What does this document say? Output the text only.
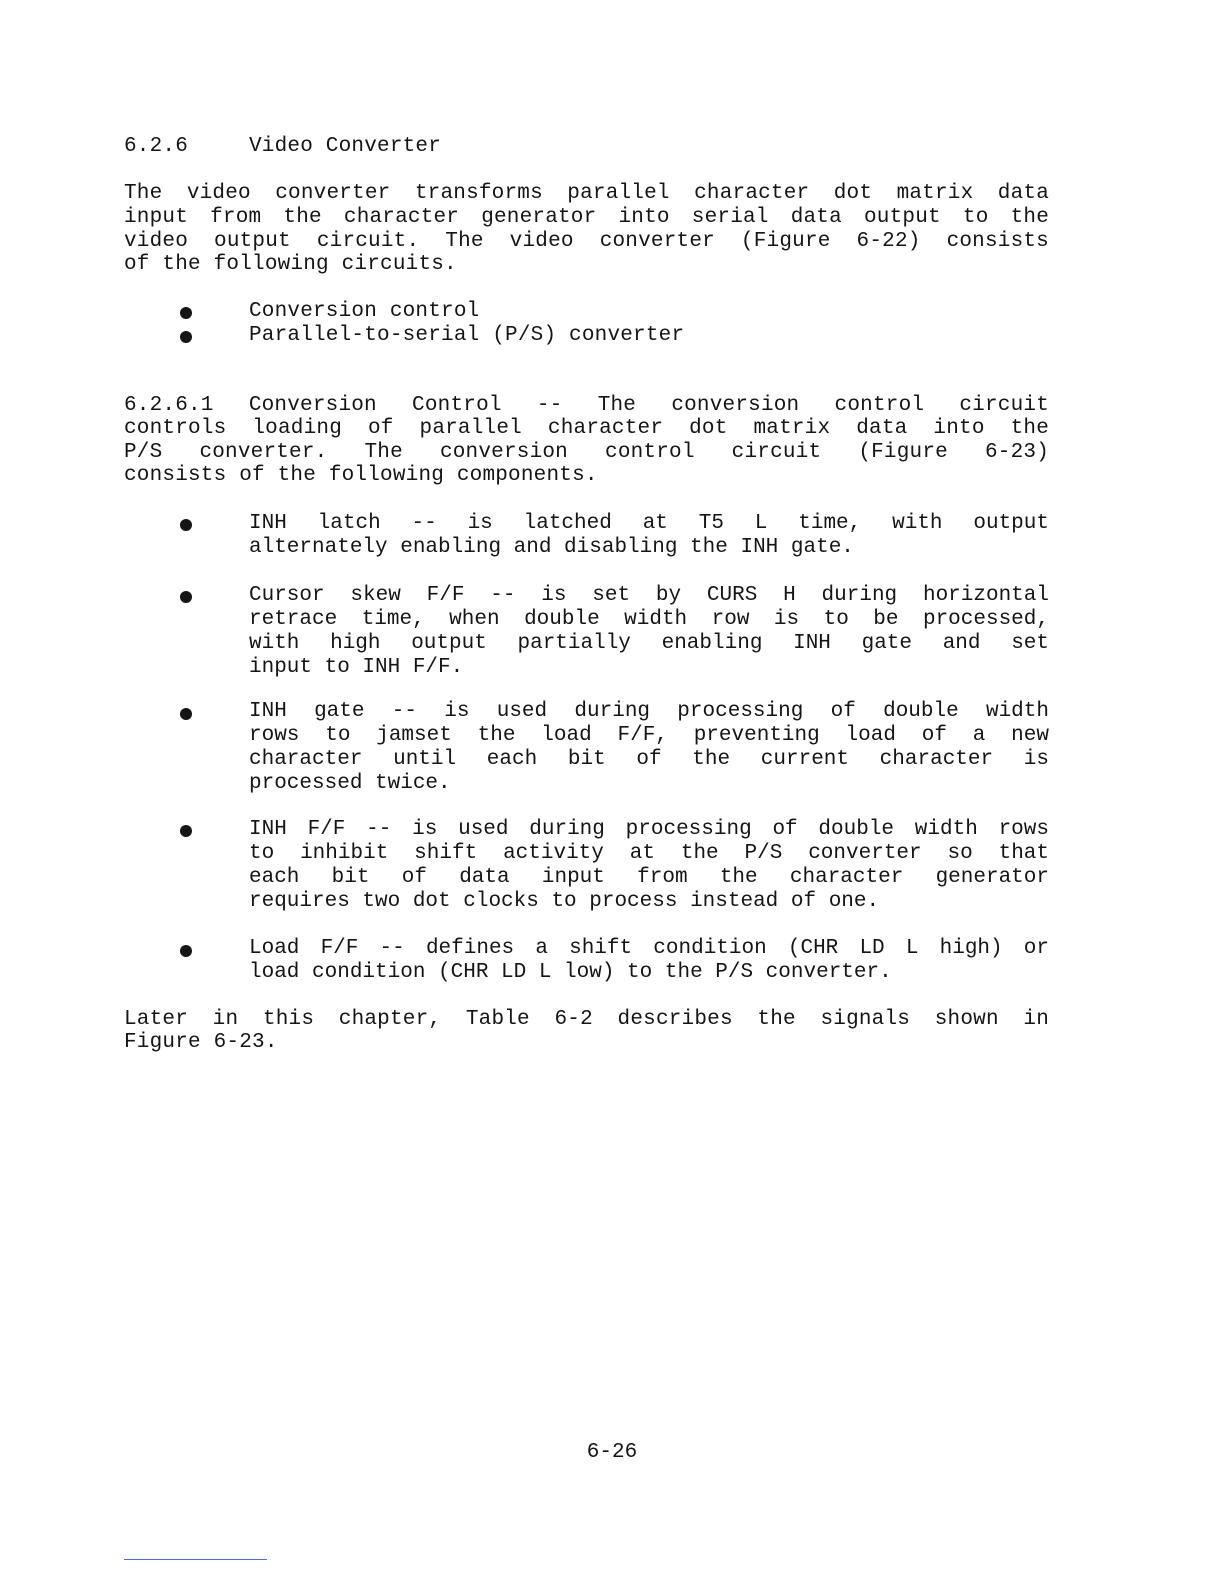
6.2.6	Video Converter
The video converter transforms parallel character dot matrix data
input from the character generator into serial data output to the
video output circuit. The video converter (Figure 6-22) consists
of the following circuits.
Conversion control
Parallel-to-serial (P/S) converter
6.2.6.1 Conversion Control -- The conversion control circuit
controls loading of parallel character dot matrix data into the
P/S converter. The conversion control circuit (Figure 6-23)
consists of the following components.
INH latch -- is latched at T5 L time, with output
alternately enabling and disabling the INH gate.
Cursor skew F/F -- is set by CURS H during horizontal
retrace time, when double width row is to be processed,
with high output partially enabling INH gate and set
input to INH F/F.
INH gate -- is used during processing of double width
rows to jamset the load F/F, preventing load of a new
character until each bit of the current character is
processed twice.
INH F/F -- is used during processing of double width rows
to inhibit shift activity at the P/S converter so that
each bit of data input from the character generator
requires two dot clocks to process instead of one.
Load F/F -- defines a shift condition (CHR LD L high) or
load condition (CHR LD L low) to the P/S converter.
Later in this chapter, Table 6-2 describes the signals shown in
Figure 6-23.
6-26
